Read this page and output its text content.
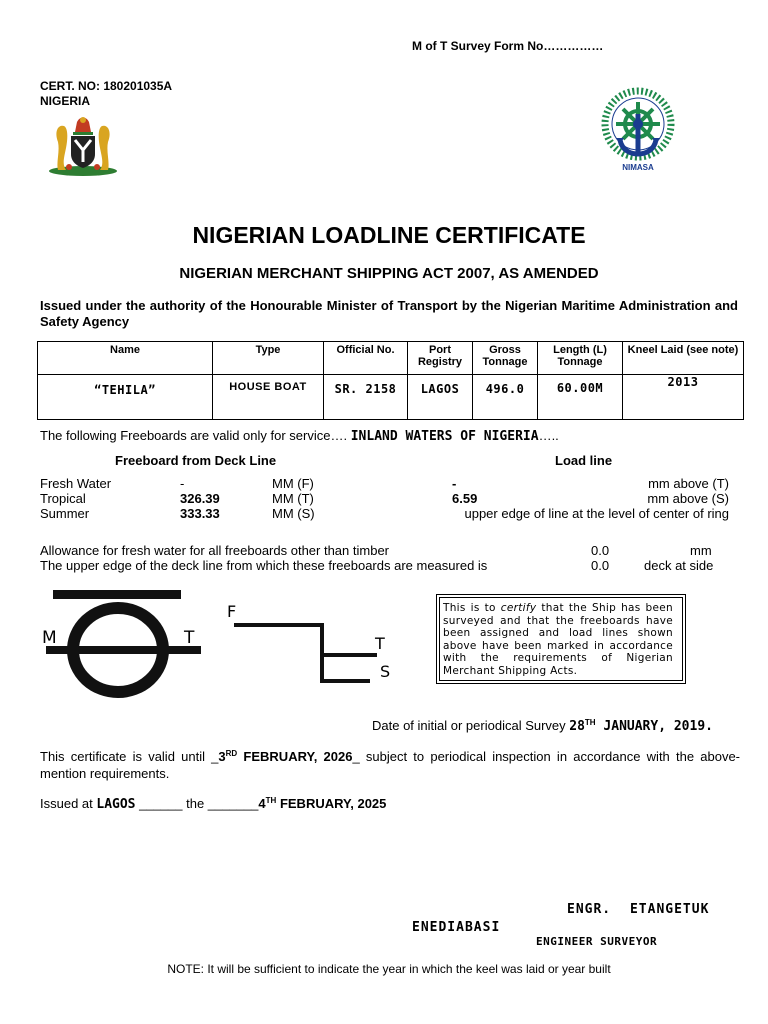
M of T Survey Form No……………
CERT. NO: 180201035A
NIGERIA
NIMASA
NIGERIAN LOADLINE CERTIFICATE
NIGERIAN MERCHANT SHIPPING ACT 2007, AS AMENDED
Issued under the authority of the Honourable Minister of Transport by the Nigerian Maritime Administration and Safety Agency
Name	Type	Official No.	Port Registry	Gross Tonnage	Length (L) Tonnage	Kneel Laid (see note)
“TEHILA”	HOUSE BOAT	SR. 2158	LAGOS	496.0	60.00M	2013
The following Freeboards are valid only for service…. INLAND WATERS OF NIGERIA…..
Freeboard from Deck Line	Load line
Fresh Water	-	MM (F)	-	mm above (T)
Tropical	326.39	MM (T)	6.59	mm above (S)
Summer	333.33	MM (S)	upper edge of line at the level of center of ring
Allowance for fresh water for all freeboards other than timber	0.0	mm
The upper edge of the deck line from which these freeboards are measured is	0.0	deck at side
M	T
F
T
S
This is to certify that the Ship has been surveyed and that the freeboards have been assigned and load lines shown above have been marked in accordance with the requirements of Nigerian Merchant Shipping Acts.
Date of initial or periodical Survey 28TH JANUARY, 2019.
This certificate is valid until _3RD FEBRUARY, 2026_ subject to periodical inspection in accordance with the above-mention requirements.
Issued at LAGOS ______ the _______4TH FEBRUARY, 2025
ENGR. ETANGETUK
ENEDIABASI
ENGINEER SURVEYOR
NOTE: It will be sufficient to indicate the year in which the keel was laid or year built
